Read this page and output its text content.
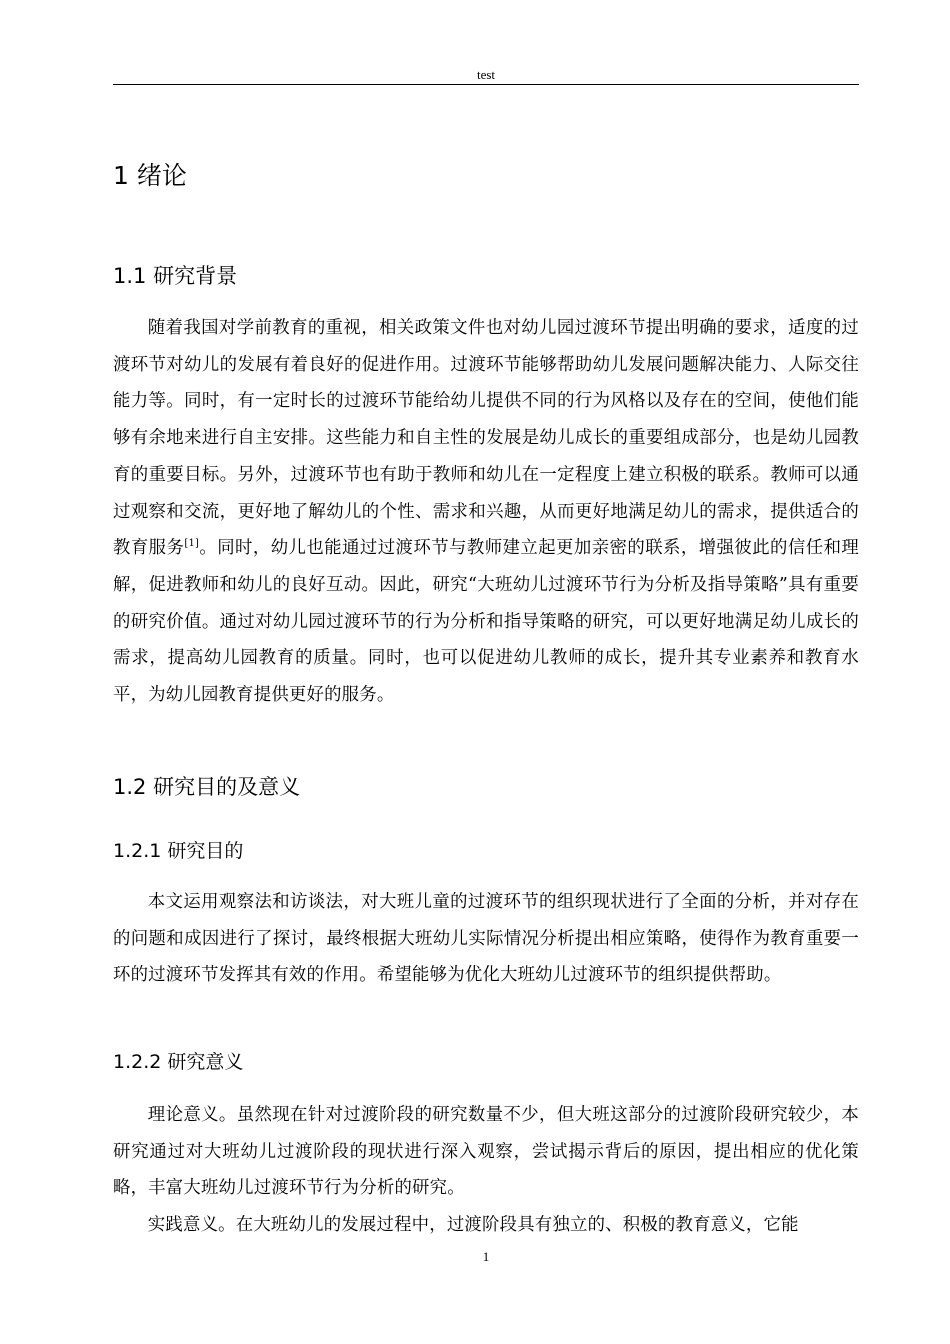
test
1 绪论
1.1 研究背景

随着我国对学前教育的重视，相关政策文件也对幼儿园过渡环节提出明确的要求，适度的过渡环节对幼儿的发展有着良好的促进作用。过渡环节能够帮助幼儿发展问题解决能力、人际交往能力等。同时，有一定时长的过渡环节能给幼儿提供不同的行为风格以及存在的空间，使他们能够有余地来进行自主安排。这些能力和自主性的发展是幼儿成长的重要组成部分，也是幼儿园教育的重要目标。另外，过渡环节也有助于教师和幼儿在一定程度上建立积极的联系。教师可以通过观察和交流，更好地了解幼儿的个性、需求和兴趣，从而更好地满足幼儿的需求，提供适合的教育服务[1]。同时，幼儿也能通过过渡环节与教师建立起更加亲密的联系，增强彼此的信任和理解，促进教师和幼儿的良好互动。因此，研究“大班幼儿过渡环节行为分析及指导策略”具有重要的研究价值。通过对幼儿园过渡环节的行为分析和指导策略的研究，可以更好地满足幼儿成长的需求，提高幼儿园教育的质量。同时，也可以促进幼儿教师的成长，提升其专业素养和教育水平，为幼儿园教育提供更好的服务。

1.2 研究目的及意义
1.2.1 研究目的

本文运用观察法和访谈法，对大班儿童的过渡环节的组织现状进行了全面的分析，并对存在的问题和成因进行了探讨，最终根据大班幼儿实际情况分析提出相应策略，使得作为教育重要一环的过渡环节发挥其有效的作用。希望能够为优化大班幼儿过渡环节的组织提供帮助。

1.2.2 研究意义

理论意义。虽然现在针对过渡阶段的研究数量不少，但大班这部分的过渡阶段研究较少，本研究通过对大班幼儿过渡阶段的现状进行深入观察，尝试揭示背后的原因，提出相应的优化策略，丰富大班幼儿过渡环节行为分析的研究。

实践意义。在大班幼儿的发展过程中，过渡阶段具有独立的、积极的教育意义，它能

1
